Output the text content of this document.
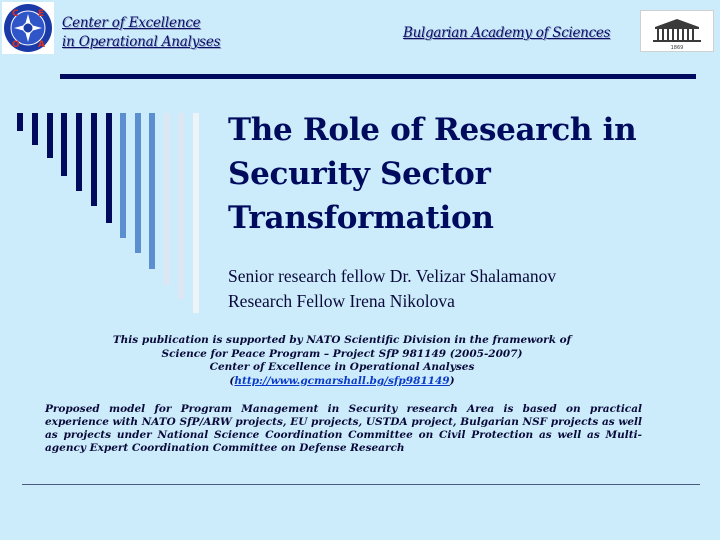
C E
O A
Center of Excellence
in Operational Analyses
Bulgarian Academy of Sciences
1869
The Role of Research in
Security Sector
Transformation
Senior research fellow Dr. Velizar Shalamanov
Research Fellow Irena Nikolova
This publication is supported by NATO Scientific Division in the framework of
Science for Peace Program – Project SfP 981149 (2005-2007)
Center of Excellence in Operational Analyses
(http://www.gcmarshall.bg/sfp981149)
Proposed model for Program Management in Security research Area is based on practical experience with NATO SfP/ARW projects, EU projects, USTDA project, Bulgarian NSF projects as well as projects under National Science Coordination Committee on Civil Protection as well as Multi-agency Expert Coordination Committee on Defense Research
